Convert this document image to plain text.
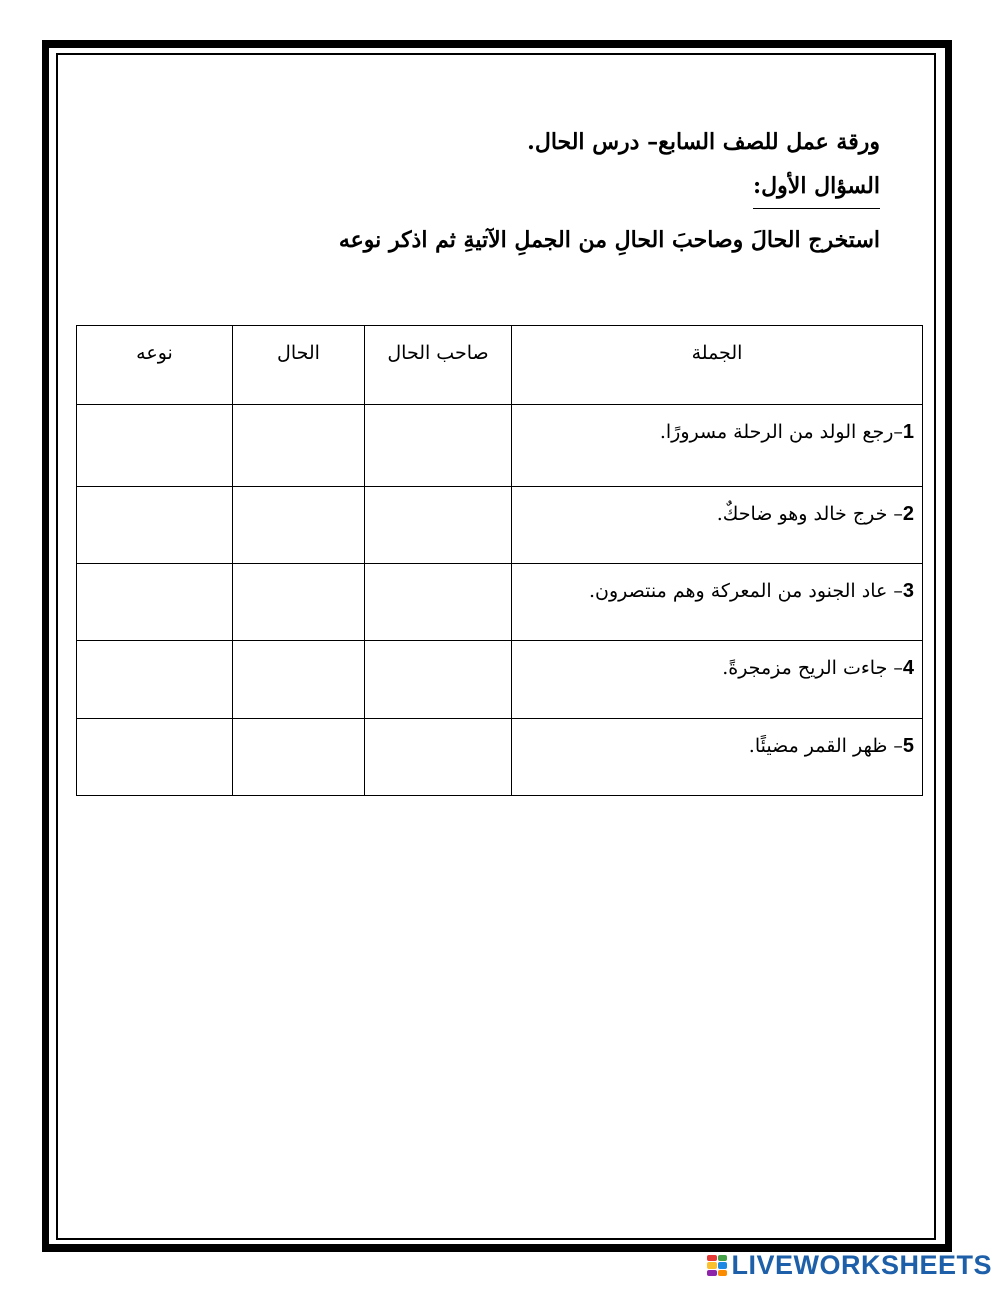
ورقة عمل للصف السابع– درس الحال.

السؤال الأول:
استخرج الحالَ وصاحبَ الحالِ من الجملِ الآتيةِ ثم اذكر نوعه
الجملة	صاحب الحال	الحال	نوعه
1–رجع الولد من الرحلة مسرورًا.			
2– خرج خالد وهو ضاحكٌ.			
3– عاد الجنود من المعركة وهم منتصرون.			
4– جاءت الريح مزمجرةً.			
5– ظهر القمر مضيئًا.			
LIVEWORKSHEETS
